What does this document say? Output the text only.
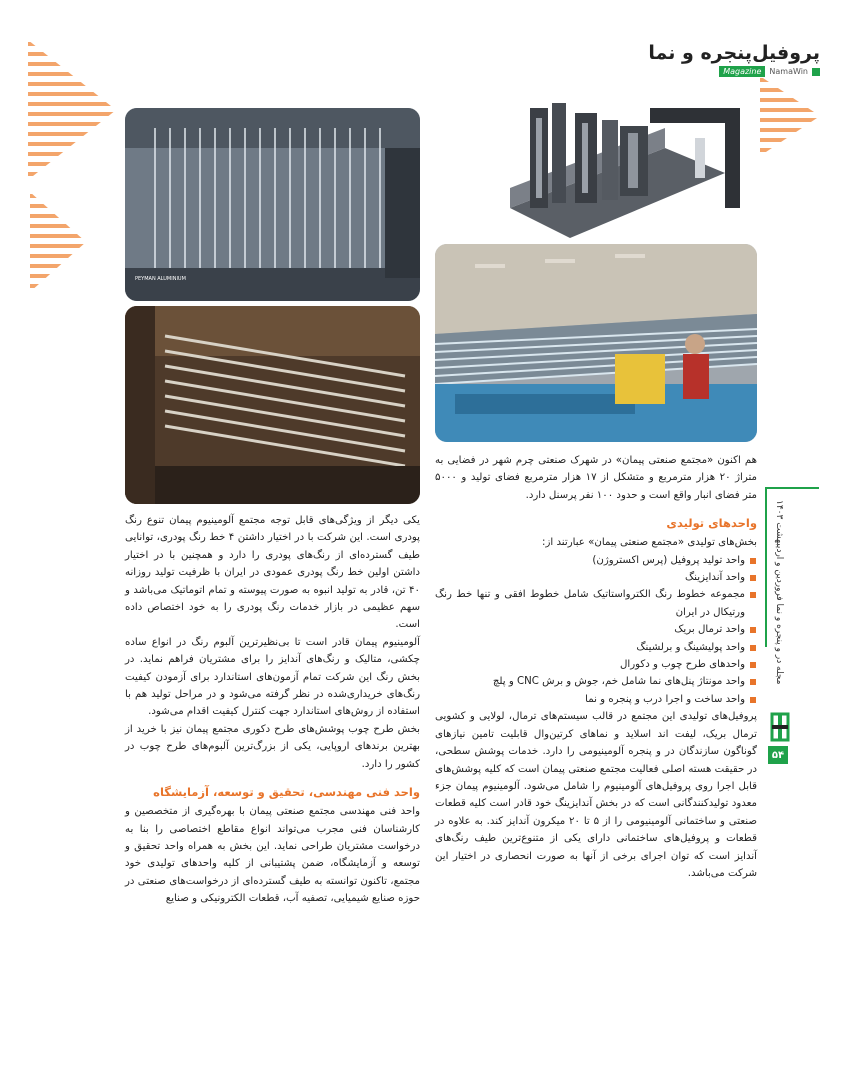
پروفیل‌پنجره و نما
Magazine	NamaWin
PEYMAN ALUMINIUM

هم اکنون «مجتمع صنعتی پیمان» در شهرک صنعتی چرم شهر در فضایی به متراژ ۲۰ هزار مترمربع و متشکل از ۱۷ هزار مترمربع فضای تولید و ۵۰۰۰ متر فضای انبار واقع است و حدود ۱۰۰ نفر پرسنل دارد.

واحدهای تولیدی

بخش‌های تولیدی «مجتمع صنعتی پیمان» عبارتند از:

واحد تولید پروفیل (پرس اکستروژن)
واحد آندایزینگ
مجموعه خطوط رنگ الکترواستاتیک شامل خطوط افقی و تنها خط رنگ ورتیکال در ایران
واحد ترمال بریک
واحد پولیشینگ و برلشینگ
واحدهای طرح چوب و دکورال
واحد مونتاژ پنل‌های نما شامل خم، جوش و برش CNC و پلچ
واحد ساخت و اجرا درب و پنجره و نما

پروفیل‌های تولیدی این مجتمع در قالب سیستم‌های ترمال، لولایی و کشویی ترمال بریک، لیفت اند اسلاید و نماهای کرتین‌وال قابلیت تامین نیازهای گوناگون سازندگان در و پنجره آلومینیومی را دارد. خدمات پوشش سطحی، در حقیقت هسته اصلی فعالیت مجتمع صنعتی پیمان است که کلیه پوشش‌های قابل اجرا روی پروفیل‌های آلومینیوم را شامل می‌شود. آلومینیوم پیمان جزء معدود تولیدکنندگانی است که در بخش آندایزینگ خود قادر است کلیه قطعات صنعتی و ساختمانی آلومینیومی را از ۵ تا ۲۰ میکرون آندایز کند. به علاوه در قطعات و پروفیل‌های ساختمانی دارای یکی از متنوع‌ترین طیف رنگ‌های آندایز است که توان اجرای برخی از آنها به صورت انحصاری در اختیار این شرکت می‌باشد.

یکی دیگر از ویژگی‌های قابل توجه مجتمع آلومینیوم پیمان تنوع رنگ پودری است. این شرکت با در اختیار داشتن ۴ خط رنگ پودری، توانایی طیف گسترده‌ای از رنگ‌های پودری را دارد و همچنین با در اختیار داشتن اولین خط رنگ پودری عمودی در ایران با ظرفیت تولید روزانه ۴۰ تن، قادر به تولید انبوه به صورت پیوسته و تمام اتوماتیک می‌باشد و سهم عظیمی در بازار خدمات رنگ پودری را به خود اختصاص داده است.

آلومینیوم پیمان قادر است تا بی‌نظیرترین آلبوم رنگ در انواع ساده چکشی، متالیک و رنگ‌های آندایز را برای مشتریان فراهم نماید. در بخش رنگ این شرکت تمام آزمون‌های استاندارد برای آزمودن کیفیت رنگ‌های خریداری‌شده در نظر گرفته می‌شود و در مراحل تولید هم با استفاده از روش‌های استاندارد جهت کنترل کیفیت اقدام می‌شود.

بخش طرح چوب پوشش‌های طرح دکوری مجتمع پیمان نیز با خرید از بهترین برندهای اروپایی، یکی از بزرگ‌ترین آلبوم‌های طرح چوب در کشور را دارد.

واحد فنی مهندسی، تحقیق و توسعه، آزمایشگاه

واحد فنی مهندسی مجتمع صنعتی پیمان با بهره‌گیری از متخصصین و کارشناسان فنی مجرب می‌تواند انواع مقاطع اختصاصی را بنا به درخواست مشتریان طراحی نماید. این بخش به همراه واحد تحقیق و توسعه و آزمایشگاه، ضمن پشتیبانی از کلیه واحدهای تولیدی خود مجتمع، تاکنون توانسته به طیف گسترده‌ای از درخواست‌های صنعتی در حوزه صنایع شیمیایی، تصفیه آب، قطعات الکترونیکی و صنایع

مجله در و پنجره و نما فروردین و اردیبهشت ۱۴۰۳
۵۴
